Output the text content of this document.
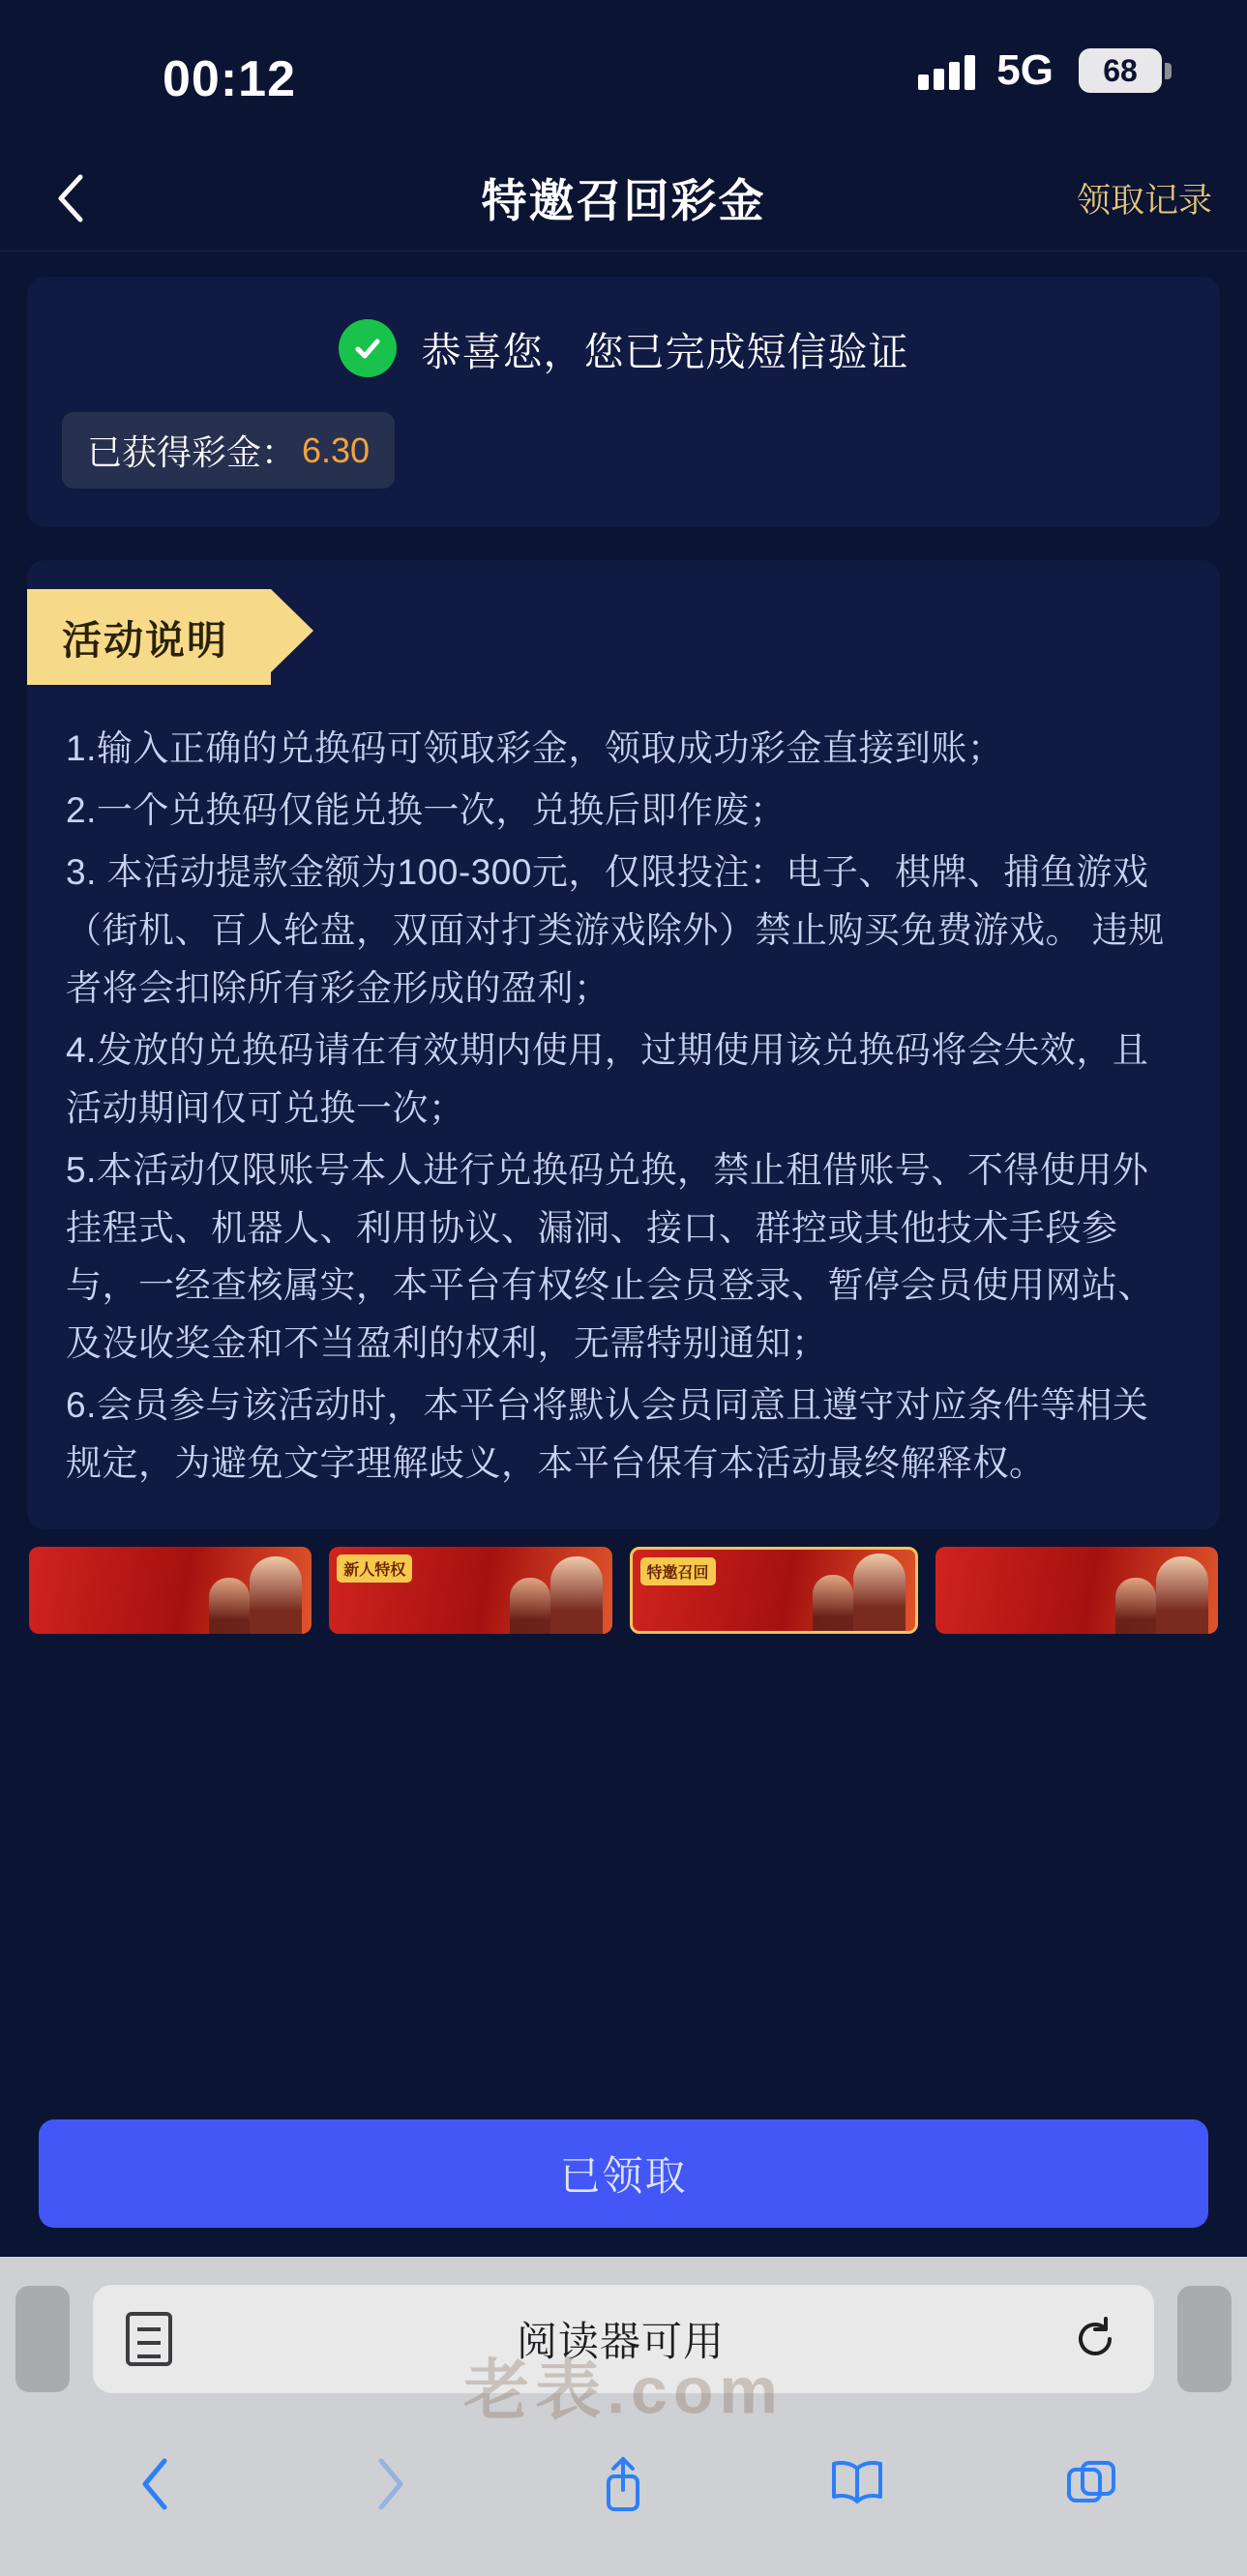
00:12	5G	68
特邀召回彩金	领取记录
恭喜您，您已完成短信验证
已获得彩金： 6.30
活动说明

1.输入正确的兑换码可领取彩金，领取成功彩金直接到账；

2.一个兑换码仅能兑换一次，兑换后即作废；

3. 本活动提款金额为100-300元，仅限投注：电子、棋牌、捕鱼游戏（街机、百人轮盘，双面对打类游戏除外）禁止购买免费游戏。 违规者将会扣除所有彩金形成的盈利；

4.发放的兑换码请在有效期内使用，过期使用该兑换码将会失效，且活动期间仅可兑换一次；

5.本活动仅限账号本人进行兑换码兑换，禁止租借账号、不得使用外挂程式、机器人、利用协议、漏洞、接口、群控或其他技术手段参与，一经查核属实，本平台有权终止会员登录、暂停会员使用网站、及没收奖金和不当盈利的权利，无需特别通知；

6.会员参与该活动时，本平台将默认会员同意且遵守对应条件等相关规定，为避免文字理解歧义，本平台保有本活动最终解释权。

新人特权	特邀召回
已领取
阅读器可用
老表.com
